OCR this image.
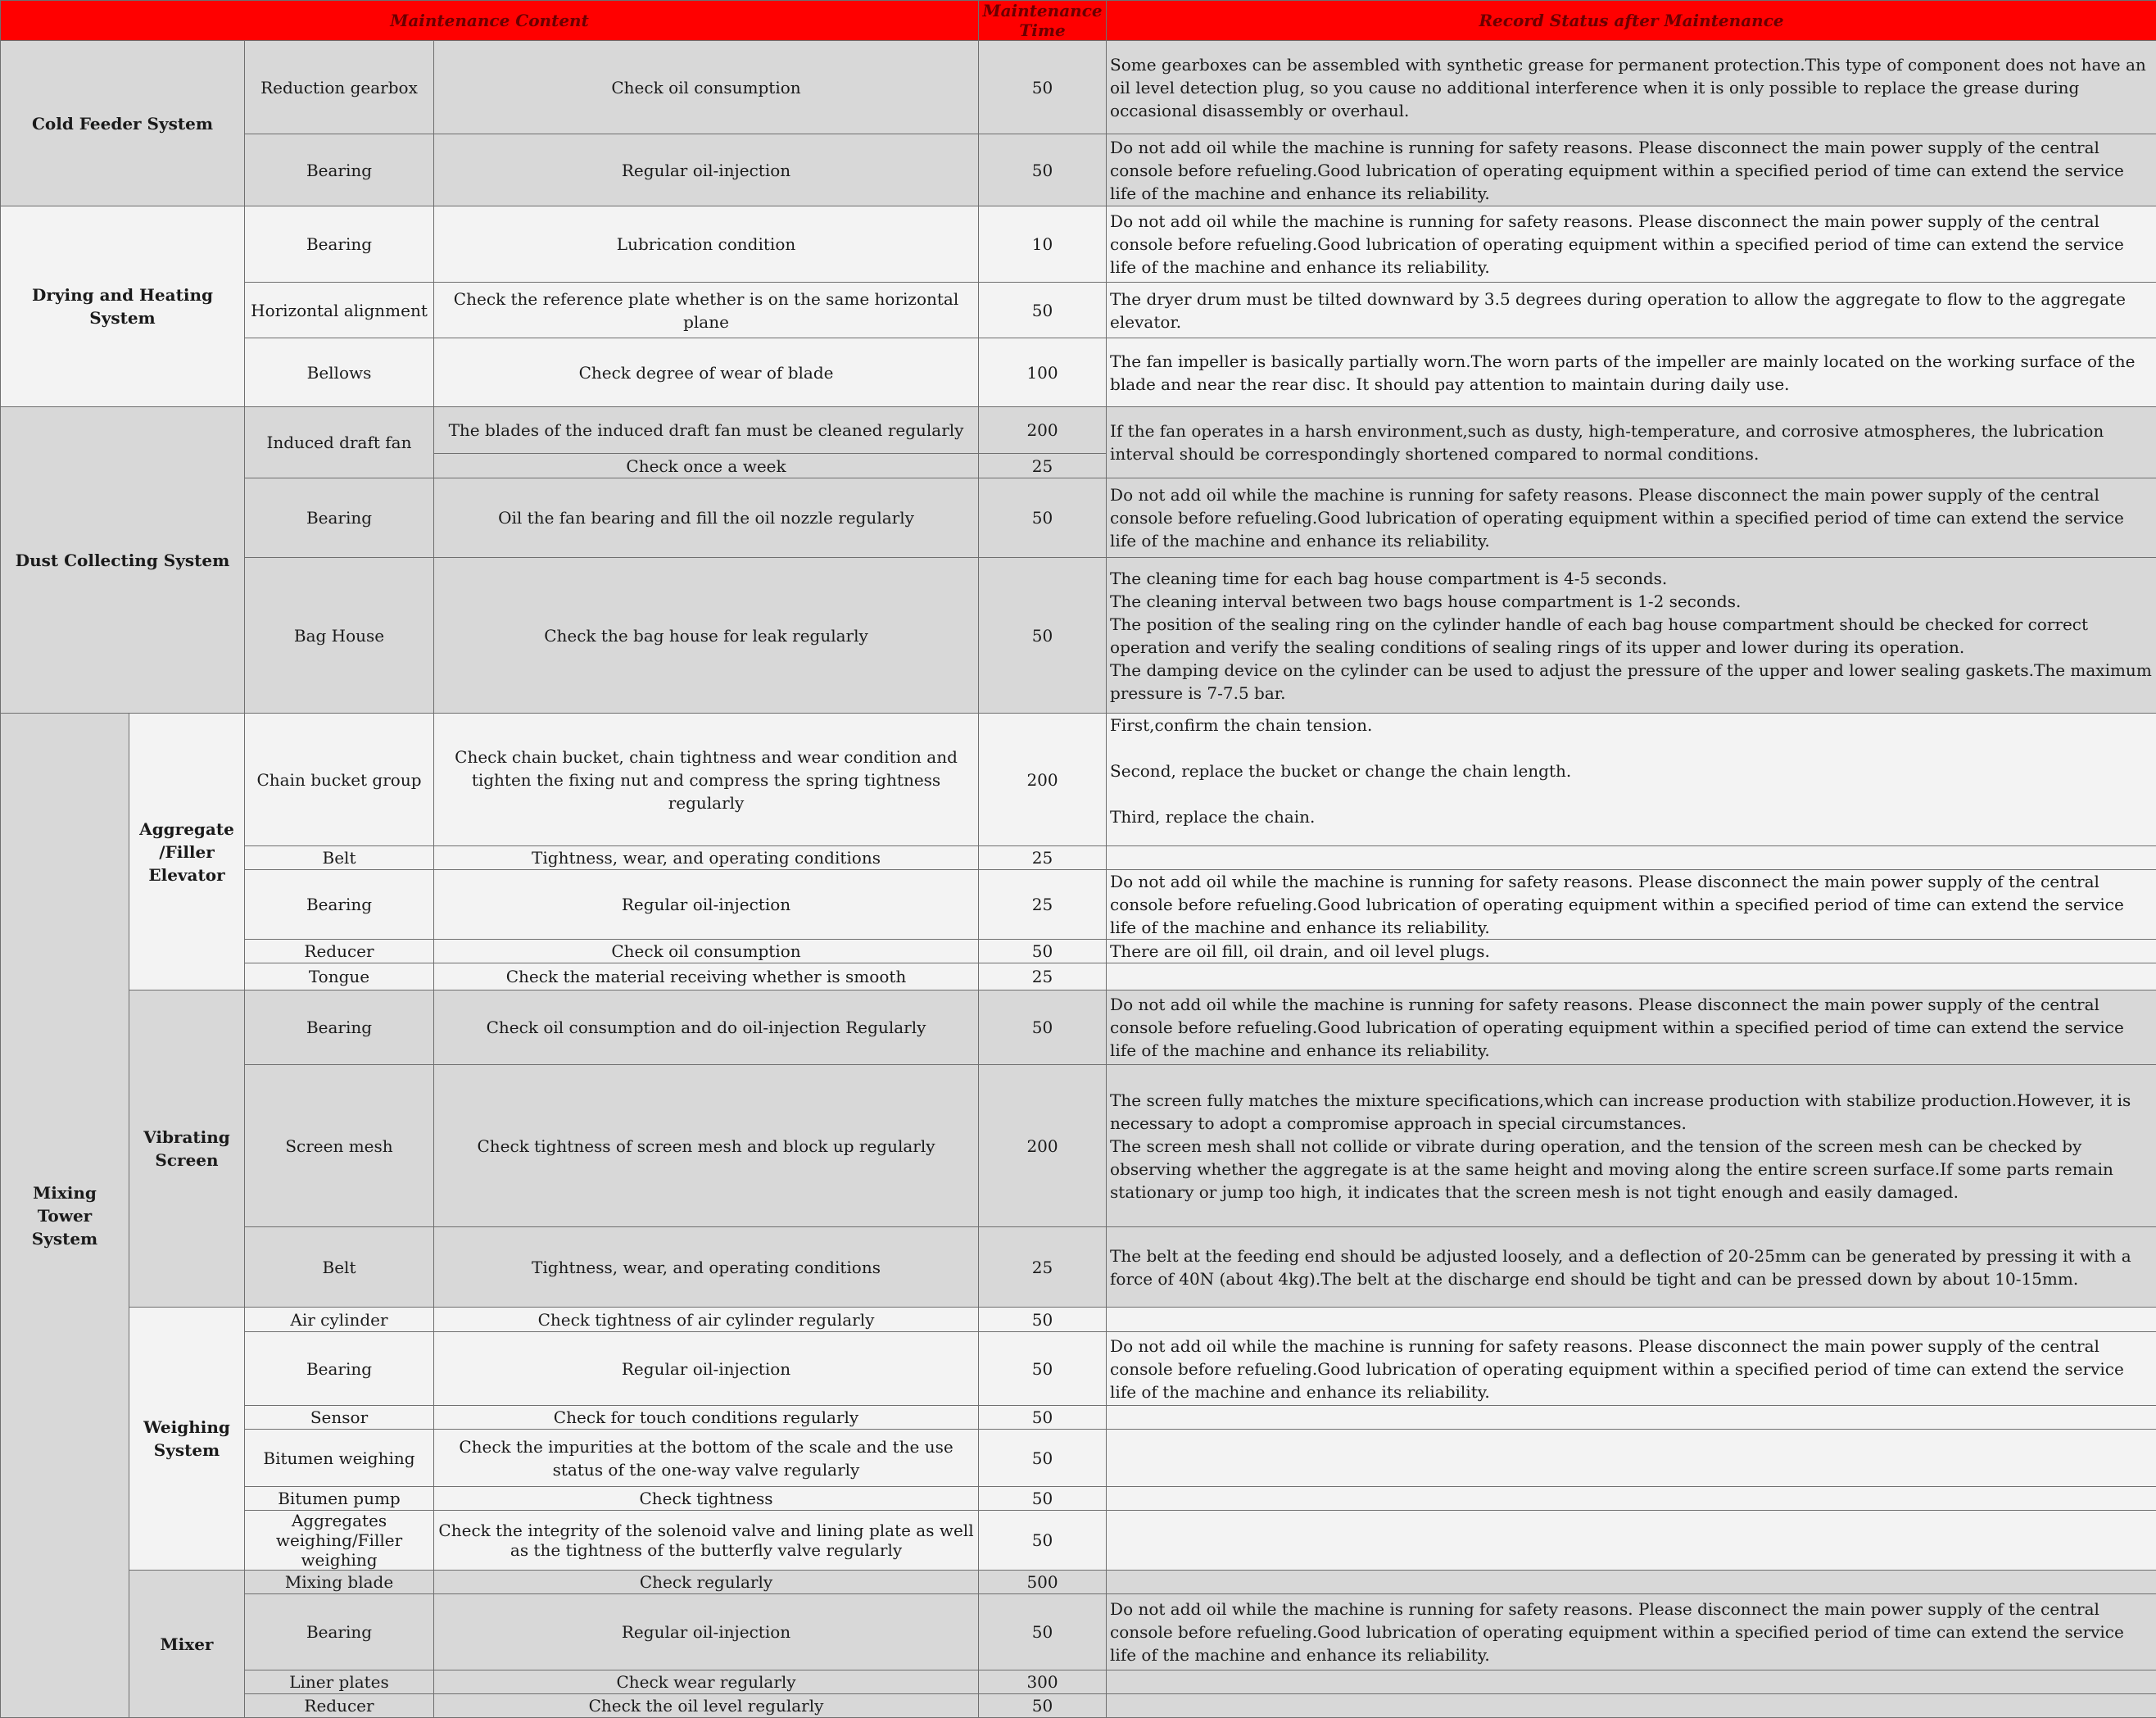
Maintenance Content				Maintenance Time	Record Status after Maintenance
Cold Feeder System		Reduction gearbox	Check oil consumption	50	Some gearboxes can be assembled with synthetic grease for permanent protection.This type of component does not have an oil level detection plug, so you cause no additional interference when it is only possible to replace the grease during occasional disassembly or overhaul.
		Bearing	Regular oil-injection	50	Do not add oil while the machine is running for safety reasons. Please disconnect the main power supply of the central console before refueling.Good lubrication of operating equipment within a specified period of time can extend the service life of the machine and enhance its reliability.
Drying and Heating System		Bearing	Lubrication condition	10	Do not add oil while the machine is running for safety reasons. Please disconnect the main power supply of the central console before refueling.Good lubrication of operating equipment within a specified period of time can extend the service life of the machine and enhance its reliability.
		Horizontal alignment	Check the reference plate whether is on the same horizontal plane	50	The dryer drum must be tilted downward by 3.5 degrees during operation to allow the aggregate to flow to the aggregate elevator.
		Bellows	Check degree of wear of blade	100	The fan impeller is basically partially worn.The worn parts of the impeller are mainly located on the working surface of the blade and near the rear disc. It should pay attention to maintain during daily use.
Dust Collecting System		Induced draft fan	The blades of the induced draft fan must be cleaned regularly	200	If the fan operates in a harsh environment,such as dusty, high-temperature, and corrosive atmospheres, the lubrication interval should be correspondingly shortened compared to normal conditions.
			Check once a week	25	
		Bearing	Oil the fan bearing and fill the oil nozzle regularly	50	Do not add oil while the machine is running for safety reasons. Please disconnect the main power supply of the central console before refueling.Good lubrication of operating equipment within a specified period of time can extend the service life of the machine and enhance its reliability.
		Bag House	Check the bag house for leak regularly	50	The cleaning time for each bag house compartment is 4-5 seconds.
The cleaning interval between two bags house compartment is 1-2 seconds.
The position of the sealing ring on the cylinder handle of each bag house compartment should be checked for correct operation and verify the sealing conditions of sealing rings of its upper and lower during its operation.
The damping device on the cylinder can be used to adjust the pressure of the upper and lower sealing gaskets.The maximum pressure is 7-7.5 bar.

Mixing Tower System	Aggregate /Filler Elevator	Chain bucket group	Check chain bucket, chain tightness and wear condition and tighten the fixing nut and compress the spring tightness regularly	200	First,confirm the chain tension.
Second, replace the bucket or change the chain length.
Third, replace the chain.

		Belt	Tightness, wear, and operating conditions	25	
		Bearing	Regular oil-injection	25	Do not add oil while the machine is running for safety reasons. Please disconnect the main power supply of the central console before refueling.Good lubrication of operating equipment within a specified period of time can extend the service life of the machine and enhance its reliability.
		Reducer	Check oil consumption	50	There are oil fill, oil drain, and oil level plugs.
		Tongue	Check the material receiving whether is smooth	25	
	Vibrating Screen	Bearing	Check oil consumption and do oil-injection Regularly	50	Do not add oil while the machine is running for safety reasons. Please disconnect the main power supply of the central console before refueling.Good lubrication of operating equipment within a specified period of time can extend the service life of the machine and enhance its reliability.
		Screen mesh	Check tightness of screen mesh and block up regularly	200	The screen fully matches the mixture specifications,which can increase production with stabilize production.However, it is necessary to adopt a compromise approach in special circumstances.
The screen mesh shall not collide or vibrate during operation, and the tension of the screen mesh can be checked by observing whether the aggregate is at the same height and moving along the entire screen surface.If some parts remain stationary or jump too high, it indicates that the screen mesh is not tight enough and easily damaged.

		Belt	Tightness, wear, and operating conditions	25	The belt at the feeding end should be adjusted loosely, and a deflection of 20-25mm can be generated by pressing it with a force of 40N (about 4kg).The belt at the discharge end should be tight and can be pressed down by about 10-15mm.
	Weighing System	Air cylinder	Check tightness of air cylinder regularly	50	
		Bearing	Regular oil-injection	50	Do not add oil while the machine is running for safety reasons. Please disconnect the main power supply of the central console before refueling.Good lubrication of operating equipment within a specified period of time can extend the service life of the machine and enhance its reliability.
		Sensor	Check for touch conditions regularly	50	
		Bitumen weighing	Check the impurities at the bottom of the scale and the use status of the one-way valve regularly	50	
		Bitumen pump	Check tightness	50	
		Aggregates weighing/Filler weighing	Check the integrity of the solenoid valve and lining plate as well as the tightness of the butterfly valve regularly	50	
	Mixer	Mixing blade	Check regularly	500	
		Bearing	Regular oil-injection	50	Do not add oil while the machine is running for safety reasons. Please disconnect the main power supply of the central console before refueling.Good lubrication of operating equipment within a specified period of time can extend the service life of the machine and enhance its reliability.
		Liner plates	Check wear regularly	300	
		Reducer	Check the oil level regularly	50	
